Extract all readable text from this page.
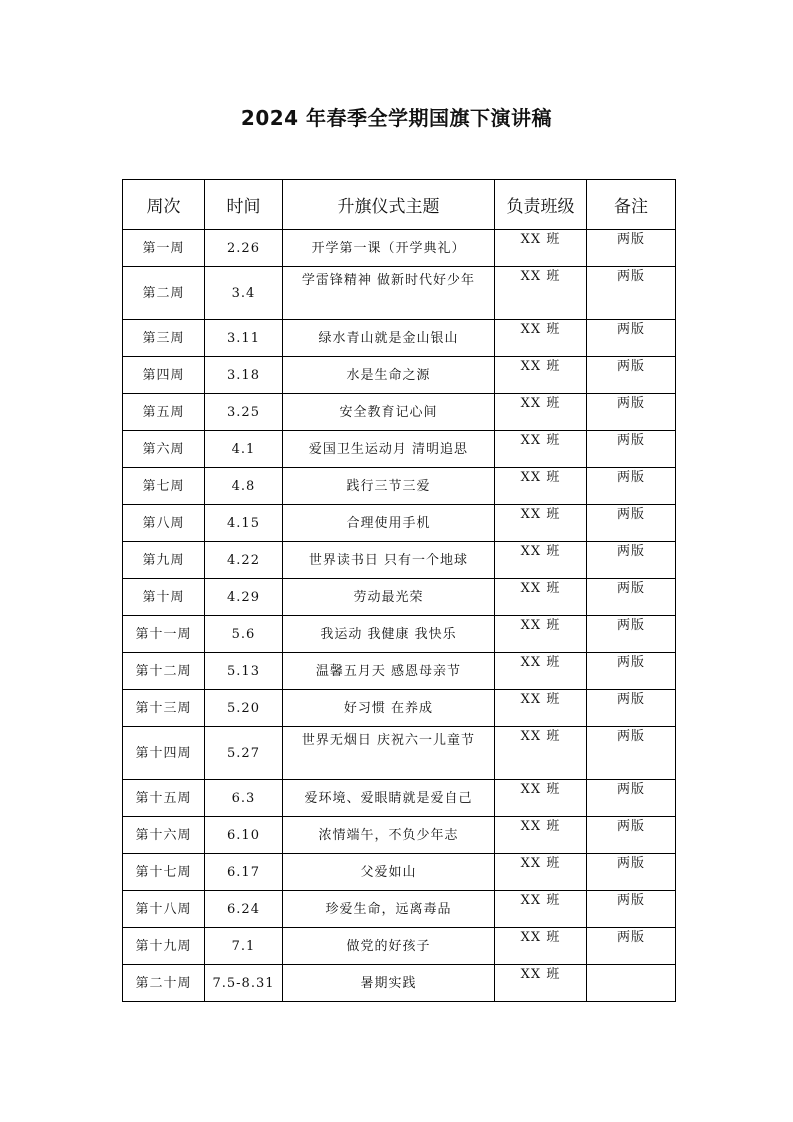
2024 年春季全学期国旗下演讲稿
周次	时间	升旗仪式主题	负责班级	备注
第一周	2.26	开学第一课（开学典礼）	XX 班	两版
第二周	3.4	学雷锋精神 做新时代好少年	XX 班	两版
第三周	3.11	绿水青山就是金山银山	XX 班	两版
第四周	3.18	水是生命之源	XX 班	两版
第五周	3.25	安全教育记心间	XX 班	两版
第六周	4.1	爱国卫生运动月 清明追思	XX 班	两版
第七周	4.8	践行三节三爱	XX 班	两版
第八周	4.15	合理使用手机	XX 班	两版
第九周	4.22	世界读书日 只有一个地球	XX 班	两版
第十周	4.29	劳动最光荣	XX 班	两版
第十一周	5.6	我运动 我健康 我快乐	XX 班	两版
第十二周	5.13	温馨五月天 感恩母亲节	XX 班	两版
第十三周	5.20	好习惯 在养成	XX 班	两版
第十四周	5.27	世界无烟日 庆祝六一儿童节	XX 班	两版
第十五周	6.3	爱环境、爱眼睛就是爱自己	XX 班	两版
第十六周	6.10	浓情端午，不负少年志	XX 班	两版
第十七周	6.17	父爱如山	XX 班	两版
第十八周	6.24	珍爱生命，远离毒品	XX 班	两版
第十九周	7.1	做党的好孩子	XX 班	两版
第二十周	7.5-8.31	暑期实践	XX 班	
